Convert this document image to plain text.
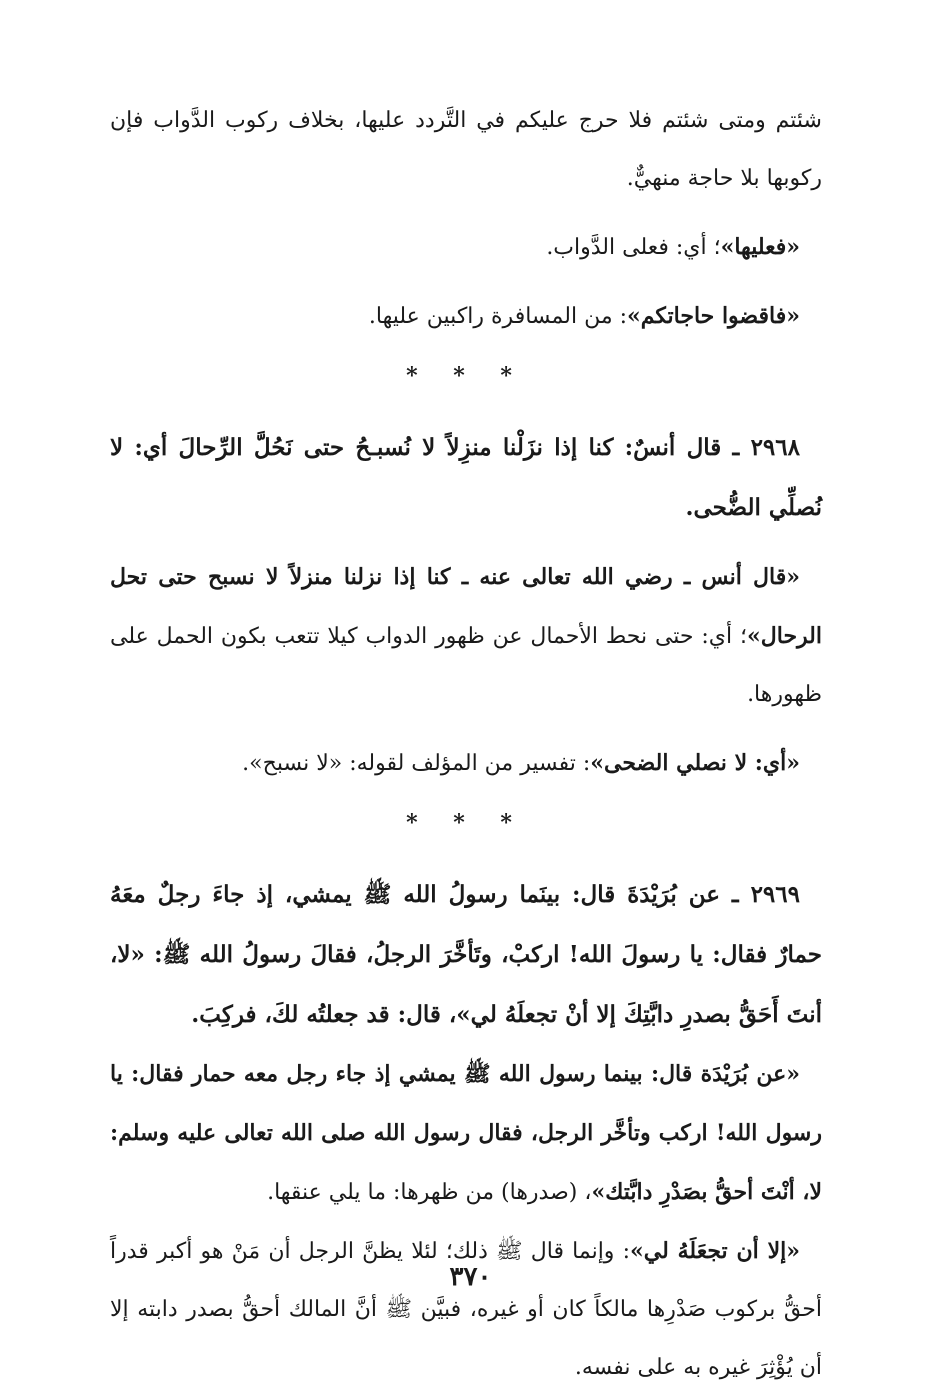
شئتم ومتى شئتم فلا حرج عليكم في التَّردد عليها، بخلاف ركوب الدَّواب فإن ركوبها بلا حاجة منهيٌّ.

«فعليها»؛ أي: فعلى الدَّواب.

«فاقضوا حاجاتكم»: من المسافرة راكبين عليها.

* * *

٢٩٦٨ ـ قال أنسٌ: كنا إذا نزَلْنا منزِلاً لا نُسبـحُ حتى نَحُلَّ الرِّحالَ أي: لا نُصلِّي الضُّحى.

«قال أنس ـ رضي الله تعالى عنه ـ كنا إذا نزلنا منزلاً لا نسبح حتى تحل الرحال»؛ أي: حتى نحط الأحمال عن ظهور الدواب كيلا تتعب بكون الحمل على ظهورها.

«أي: لا نصلي الضحى»: تفسير من المؤلف لقوله: «لا نسبح».

* * *

٢٩٦٩ ـ عن بُرَيْدَةَ قال: بينَما رسولُ الله ﷺ يمشي، إذ جاءَ رجلٌ معَهُ حمارٌ فقال: يا رسولَ الله! اركبْ، وتَأخَّرَ الرجلُ، فقالَ رسولُ الله ﷺ: «لا، أنتَ أَحَقُّ بصدرِ دابَّتِكَ إلا أنْ تجعلَهُ لي»، قال: قد جعلتُه لكَ، فركِبَ.

«عن بُرَيْدَة قال: بينما رسول الله ﷺ يمشي إذ جاء رجل معه حمار فقال: يا رسول الله! اركب وتأخَّر الرجل، فقال رسول الله صلى الله تعالى عليه وسلم: لا، أنْتَ أحقُّ بصَدْرِ دابَّتك»، (صدرها) من ظهرها: ما يلي عنقها.

«إلا أن تجعَلَهُ لي»: وإنما قال ﷺ ذلك؛ لئلا يظنَّ الرجل أن مَنْ هو أكبر قدراً أحقُّ بركوب صَدْرِها مالكاً كان أو غيره، فبيَّن ﷺ أنَّ المالك أحقُّ بصدر دابته إلا أن يُؤْثِرَ غيره به على نفسه.

٣٧٠
